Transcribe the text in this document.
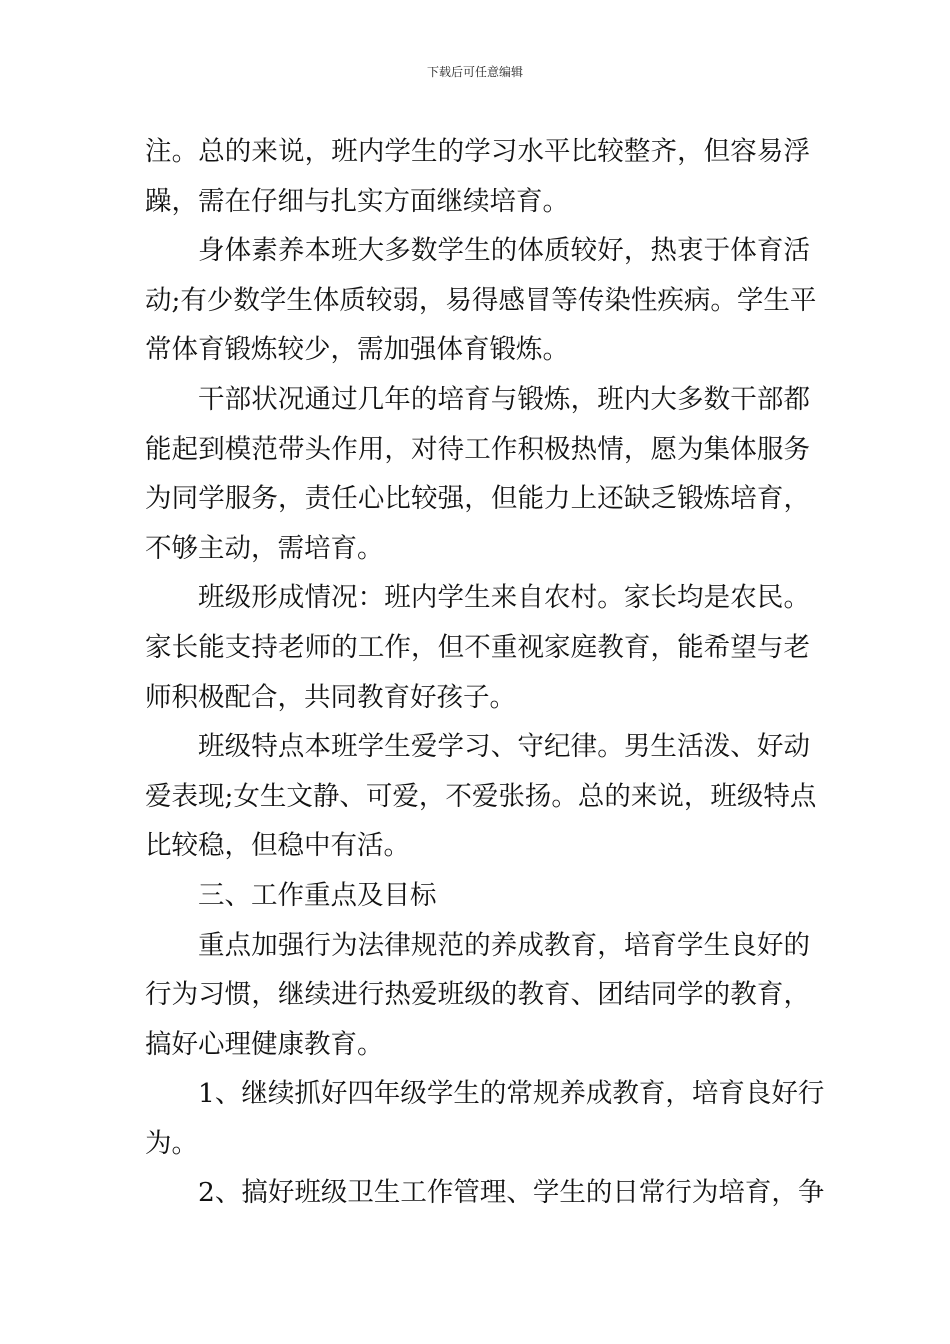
下载后可任意编辑
注。总的来说，班内学生的学习水平比较整齐，但容易浮
躁，需在仔细与扎实方面继续培育。
身体素养本班大多数学生的体质较好，热衷于体育活
动;有少数学生体质较弱，易得感冒等传染性疾病。学生平
常体育锻炼较少，需加强体育锻炼。
干部状况通过几年的培育与锻炼，班内大多数干部都
能起到模范带头作用，对待工作积极热情，愿为集体服务
为同学服务，责任心比较强，但能力上还缺乏锻炼培育，
不够主动，需培育。
班级形成情况：班内学生来自农村。家长均是农民。
家长能支持老师的工作，但不重视家庭教育，能希望与老
师积极配合，共同教育好孩子。
班级特点本班学生爱学习、守纪律。男生活泼、好动
爱表现;女生文静、可爱，不爱张扬。总的来说，班级特点
比较稳，但稳中有活。
三、工作重点及目标
重点加强行为法律规范的养成教育，培育学生良好的
行为习惯，继续进行热爱班级的教育、团结同学的教育，
搞好心理健康教育。
1、继续抓好四年级学生的常规养成教育，培育良好行
为。
2、搞好班级卫生工作管理、学生的日常行为培育，争
